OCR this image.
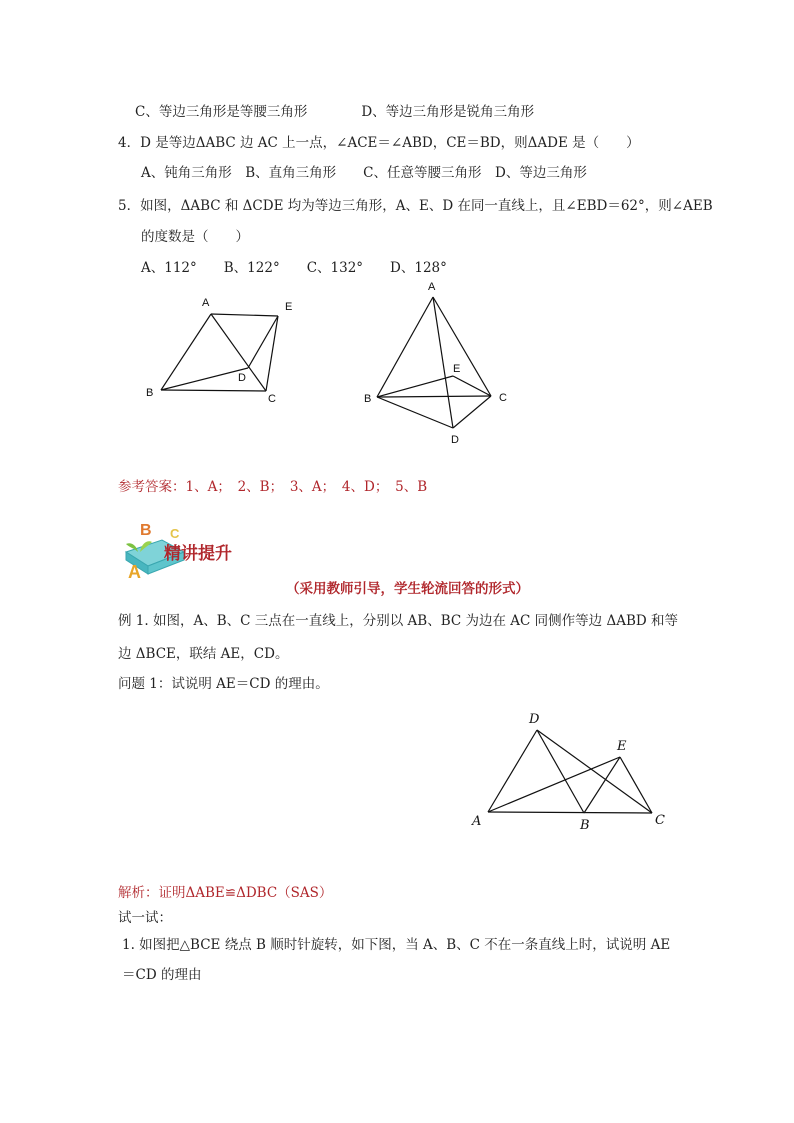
C、等边三角形是等腰三角形　　　　D、等边三角形是锐角三角形
4．D 是等边ΔABC 边 AC 上一点，∠ACE＝∠ABD，CE＝BD，则ΔADE 是（　　）
A、钝角三角形　B、直角三角形　　C、任意等腰三角形　D、等边三角形
5．如图，ΔABC 和 ΔCDE 均为等边三角形，A、E、D 在同一直线上，且∠EBD＝62°，则∠AEB
的度数是（　　）
A、112°　　B、122°　　C、132°　　D、128°
A	E
B	C
D
A
B	C
E
D
参考答案：1、A；　2、B；　3、A；　4、D；　5、B
A
B C
精讲提升
（采用教师引导，学生轮流回答的形式）
例 1. 如图，A、B、C 三点在一直线上，分别以 AB、BC 为边在 AC 同侧作等边 ΔABD 和等
边 ΔBCE，联结 AE，CD。
问题 1：试说明 AE＝CD 的理由。
D
E
A	B	C
解析：证明ΔABE≌ΔDBC（SAS）
试一试：
1. 如图把△BCE 绕点 B 顺时针旋转，如下图，当 A、B、C 不在一条直线上时，试说明 AE
＝CD 的理由
